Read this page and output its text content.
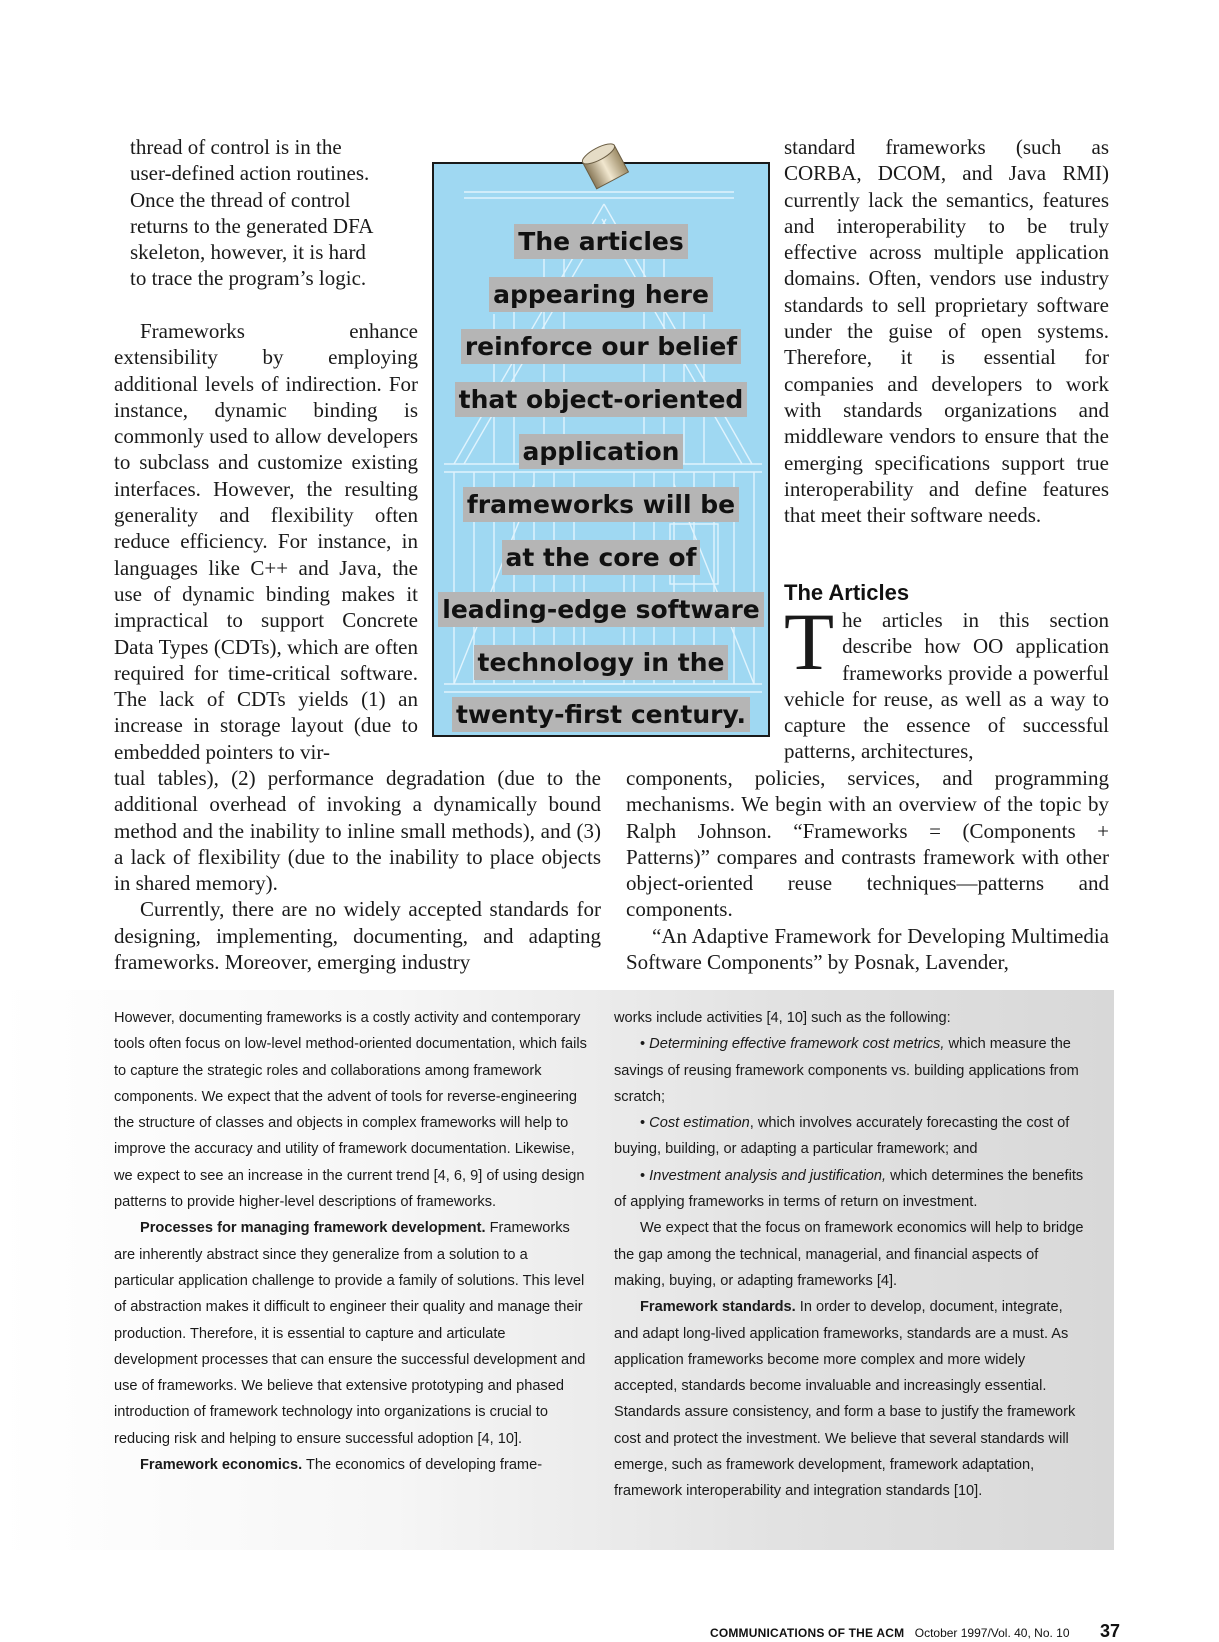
thread of control is in the
user-defined action routines.
Once the thread of control
returns to the generated DFA
skeleton, however, it is hard
to trace the program’s logic.

Frameworks enhance extensibility by employing additional levels of indirection. For instance, dynamic binding is commonly used to allow developers to subclass and customize existing interfaces. However, the resulting generality and flexibility often reduce efficiency. For instance, in languages like C++ and Java, the use of dynamic binding makes it impractical to support Concrete Data Types (CDTs), which are often required for time-critical software. The lack of CDTs yields (1) an increase in storage layout (due to embedded pointers to vir-

tual tables), (2) performance degradation (due to the additional overhead of invoking a dynamically bound method and the inability to inline small methods), and (3) a lack of flexibility (due to the inability to place objects in shared memory).

Currently, there are no widely accepted standards for designing, implementing, documenting, and adapting frameworks. Moreover, emerging industry

The articles
appearing here
reinforce our belief
that object-oriented
application
frameworks will be
at the core of
leading-edge software
technology in the
twenty-first century.

standard frameworks (such as CORBA, DCOM, and Java RMI) currently lack the semantics, features and interoperability to be truly effective across multiple application domains. Often, vendors use industry standards to sell proprietary software under the guise of open systems. Therefore, it is essential for companies and developers to work with standards organizations and middleware vendors to ensure that the emerging specifications support true interoperability and define features that meet their software needs.

The Articles

The articles in this section describe how OO application frameworks provide a powerful vehicle for reuse, as well as a way to capture the essence of successful patterns, architectures,

components, policies, services, and programming mechanisms. We begin with an overview of the topic by Ralph Johnson. “Frameworks = (Components + Patterns)” compares and contrasts framework with other object-oriented reuse techniques—patterns and components.

“An Adaptive Framework for Developing Multimedia Software Components” by Posnak, Lavender,

However, documenting frameworks is a costly activity and contemporary tools often focus on low-level method-oriented documentation, which fails to capture the strategic roles and collaborations among framework components. We expect that the advent of tools for reverse-engineering the structure of classes and objects in complex frameworks will help to improve the accuracy and utility of framework documentation. Likewise, we expect to see an increase in the current trend [4, 6, 9] of using design patterns to provide higher-level descriptions of frameworks.

Processes for managing framework development. Frameworks are inherently abstract since they generalize from a solution to a particular application challenge to provide a family of solutions. This level of abstraction makes it difficult to engineer their quality and manage their production. Therefore, it is essential to capture and articulate development processes that can ensure the successful development and use of frameworks. We believe that extensive prototyping and phased introduction of framework technology into organizations is crucial to reducing risk and helping to ensure successful adoption [4, 10].

Framework economics. The economics of developing frame-

works include activities [4, 10] such as the following:

• Determining effective framework cost metrics, which measure the savings of reusing framework components vs. building applications from scratch;

• Cost estimation, which involves accurately forecasting the cost of buying, building, or adapting a particular framework; and

• Investment analysis and justification, which determines the benefits of applying frameworks in terms of return on investment.

We expect that the focus on framework economics will help to bridge the gap among the technical, managerial, and financial aspects of making, buying, or adapting frameworks [4].

Framework standards. In order to develop, document, integrate, and adapt long-lived application frameworks, standards are a must. As application frameworks become more complex and more widely accepted, standards become invaluable and increasingly essential. Standards assure consistency, and form a base to justify the framework cost and protect the investment. We believe that several standards will emerge, such as framework development, framework adaptation, framework interoperability and integration standards [10].

COMMUNICATIONS OF THE ACM October 1997/Vol. 40, No. 10 37
